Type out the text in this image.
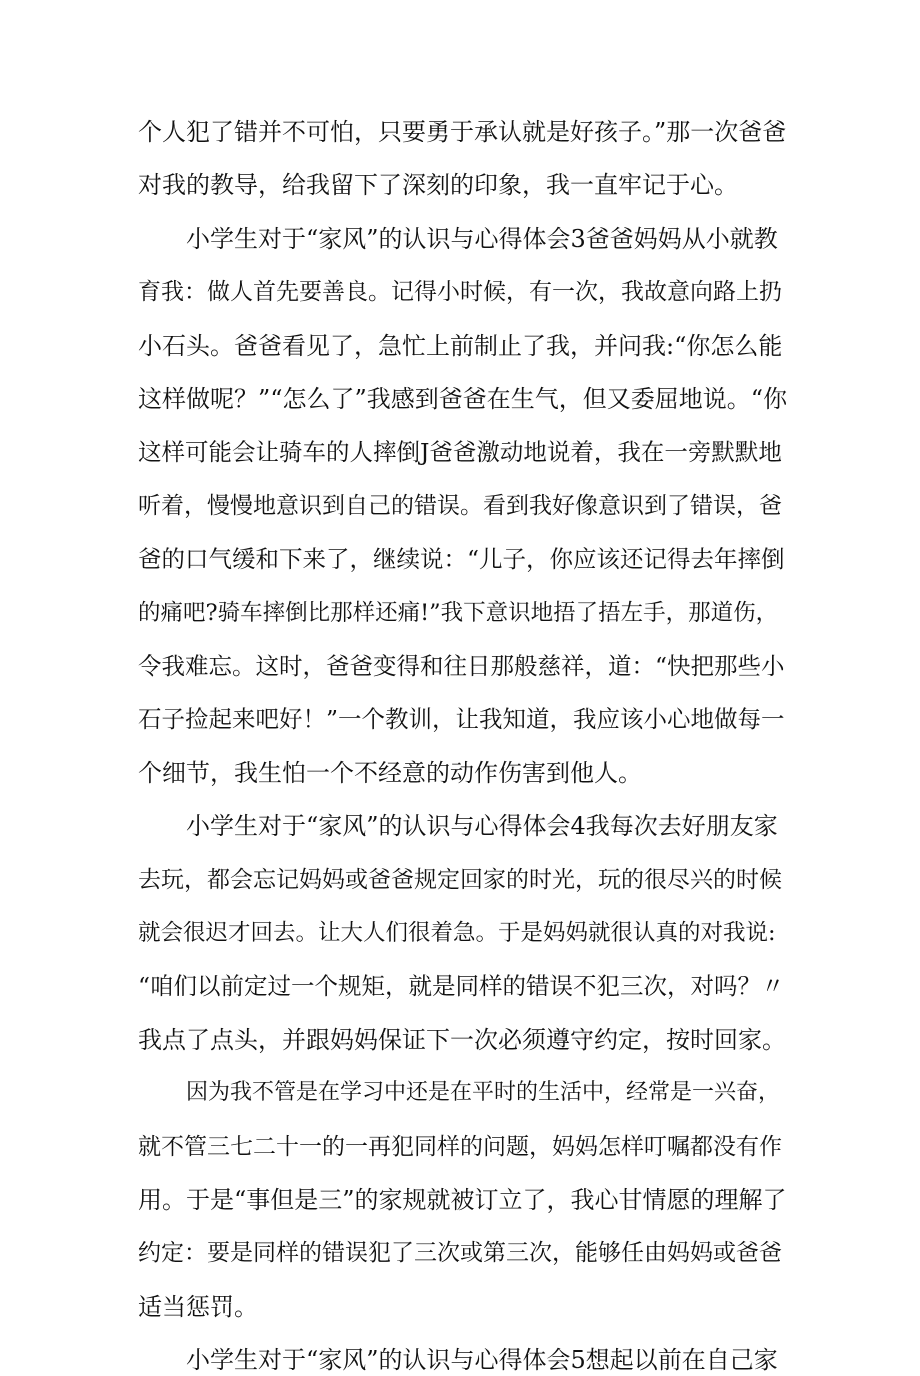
个人犯了错并不可怕，只要勇于承认就是好孩子。”那一次爸爸
对我的教导，给我留下了深刻的印象，我一直牢记于心。
小学生对于“家风”的认识与心得体会3爸爸妈妈从小就教
育我：做人首先要善良。记得小时候，有一次，我故意向路上扔
小石头。爸爸看见了，急忙上前制止了我，并问我:“你怎么能
这样做呢？”“怎么了”我感到爸爸在生气，但又委屈地说。“你
这样可能会让骑车的人摔倒J爸爸激动地说着，我在一旁默默地
听着，慢慢地意识到自己的错误。看到我好像意识到了错误，爸
爸的口气缓和下来了，继续说：“儿子，你应该还记得去年摔倒
的痛吧?骑车摔倒比那样还痛!”我下意识地捂了捂左手，那道伤，
令我难忘。这时，爸爸变得和往日那般慈祥，道：“快把那些小
石子捡起来吧好！”一个教训，让我知道，我应该小心地做每一
个细节，我生怕一个不经意的动作伤害到他人。
小学生对于“家风”的认识与心得体会4我每次去好朋友家
去玩，都会忘记妈妈或爸爸规定回家的时光，玩的很尽兴的时候
就会很迟才回去。让大人们很着急。于是妈妈就很认真的对我说:
“咱们以前定过一个规矩，就是同样的错误不犯三次，对吗？〃
我点了点头，并跟妈妈保证下一次必须遵守约定，按时回家。
因为我不管是在学习中还是在平时的生活中，经常是一兴奋，
就不管三七二十一的一再犯同样的问题，妈妈怎样叮嘱都没有作
用。于是“事但是三”的家规就被订立了，我心甘情愿的理解了
约定：要是同样的错误犯了三次或第三次，能够任由妈妈或爸爸
适当惩罚。
小学生对于“家风”的认识与心得体会5想起以前在自己家
